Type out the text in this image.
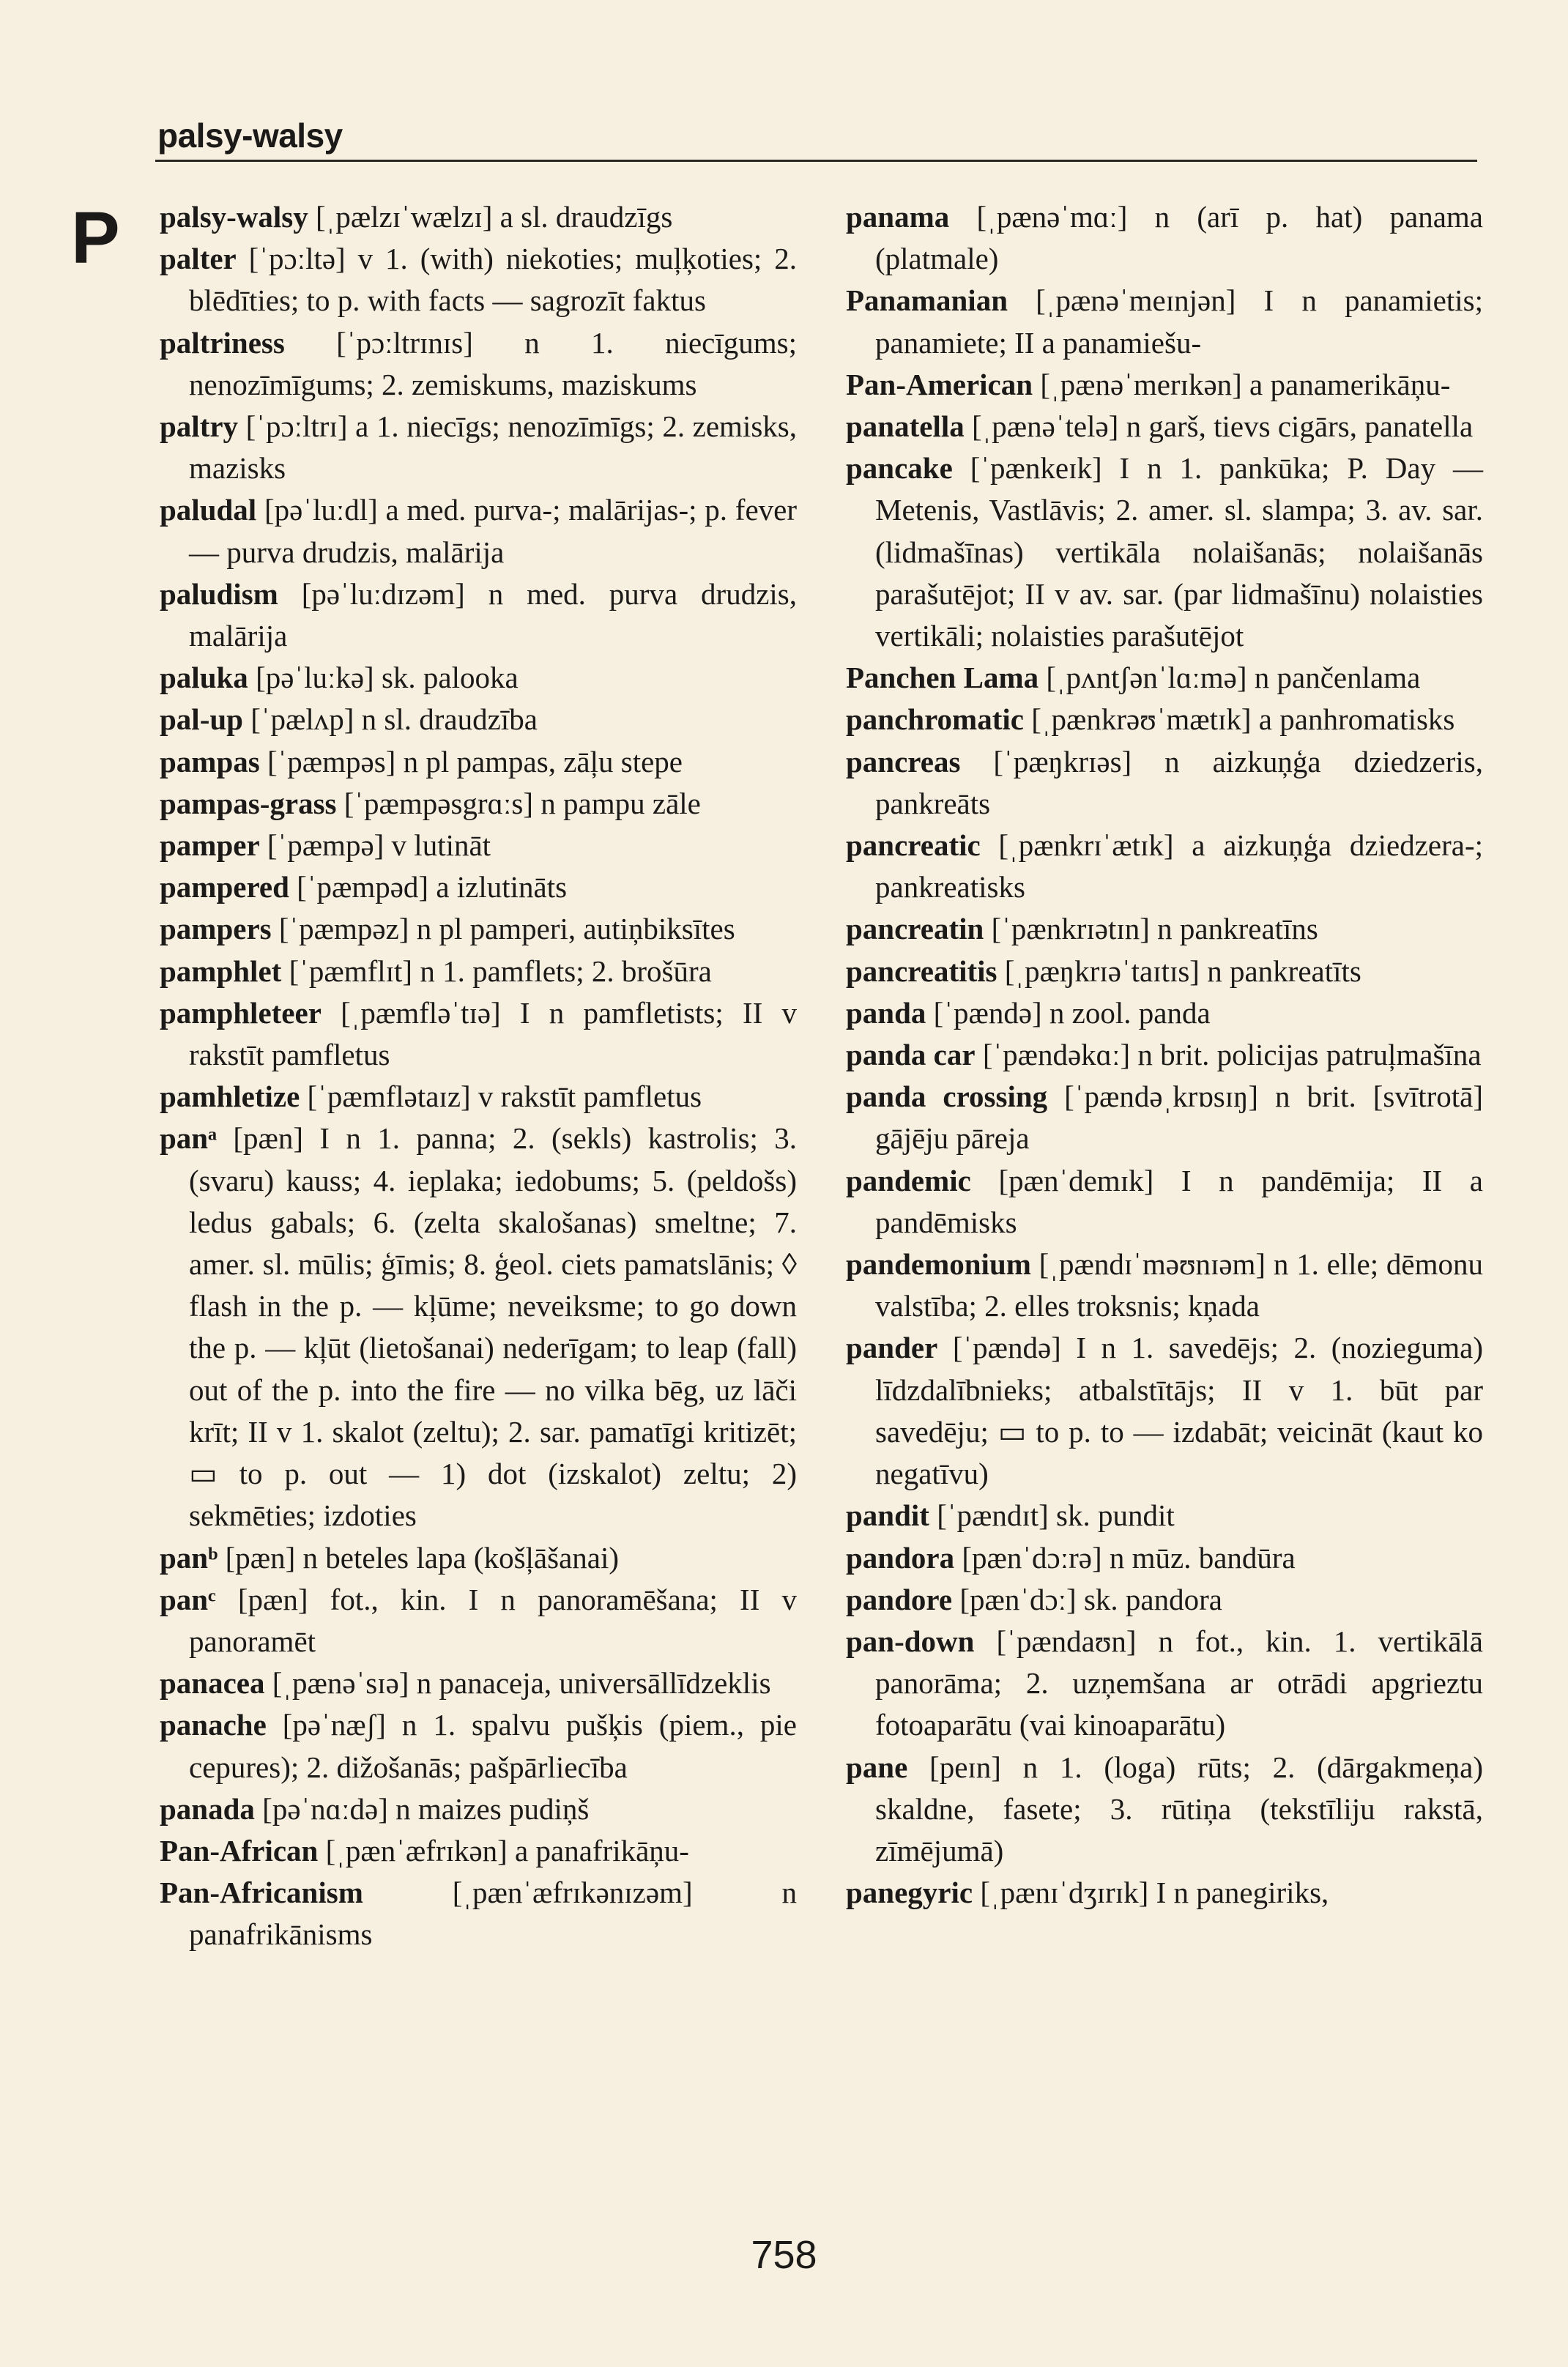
palsy-walsy
P palsy-walsy [ˌpælzɪˈwælzɪ] a sl. draudzīgs

palter [ˈpɔːltə] v 1. (with) niekoties; muļķoties; 2. blēdīties; to p. with facts — sagrozīt faktus

paltriness [ˈpɔːltrɪnɪs] n 1. niecīgums; nenozīmīgums; 2. zemiskums, maziskums

paltry [ˈpɔːltrɪ] a 1. niecīgs; nenozīmīgs; 2. zemisks, mazisks

paludal [pəˈluːdl] a med. purva-; malārijas-; p. fever — purva drudzis, malārija

paludism [pəˈluːdɪzəm] n med. purva drudzis, malārija

paluka [pəˈluːkə] sk. palooka

pal-up [ˈpælʌp] n sl. draudzība

pampas [ˈpæmpəs] n pl pampas, zāļu stepe

pampas-grass [ˈpæmpəsgrɑːs] n pampu zāle

pamper [ˈpæmpə] v lutināt

pampered [ˈpæmpəd] a izlutināts

pampers [ˈpæmpəz] n pl pamperi, autiņbiksītes

pamphlet [ˈpæmflɪt] n 1. pamflets; 2. brošūra

pamphleteer [ˌpæmfləˈtɪə] I n pamfletists; II v rakstīt pamfletus

pamhletize [ˈpæmflətaɪz] v rakstīt pamfletus

panᵃ [pæn] I n 1. panna; 2. (sekls) kastrolis; 3. (svaru) kauss; 4. ieplaka; iedobums; 5. (peldošs) ledus gabals; 6. (zelta skalošanas) smeltne; 7. amer. sl. mūlis; ģīmis; 8. ģeol. ciets pamatslānis; ◊ flash in the p. — kļūme; neveiksme; to go down the p. — kļūt (lietošanai) nederīgam; to leap (fall) out of the p. into the fire — no vilka bēg, uz lāči krīt; II v 1. skalot (zeltu); 2. sar. pamatīgi kritizēt; ▭ to p. out — 1) dot (izskalot) zeltu; 2) sekmēties; izdoties

panᵇ [pæn] n beteles lapa (košļāšanai)

panᶜ [pæn] fot., kin. I n panoramēšana; II v panoramēt

panacea [ˌpænəˈsɪə] n panaceja, universāllīdzeklis

panache [pəˈnæʃ] n 1. spalvu pušķis (piem., pie cepures); 2. dižošanās; pašpārliecība

panada [pəˈnɑːdə] n maizes pudiņš

Pan-African [ˌpænˈæfrɪkən] a panafrikāņu-

Pan-Africanism [ˌpænˈæfrɪkənɪzəm] n panafrikānisms

panama [ˌpænəˈmɑː] n (arī p. hat) panama (platmale)

Panamanian [ˌpænəˈmeɪnjən] I n panamietis; panamiete; II a panamiešu-

Pan-American [ˌpænəˈmerɪkən] a panamerikāņu-

panatella [ˌpænəˈtelə] n garš, tievs cigārs, panatella

pancake [ˈpænkeɪk] I n 1. pankūka; P. Day — Metenis, Vastlāvis; 2. amer. sl. slampa; 3. av. sar. (lidmašīnas) vertikāla nolaišanās; nolaišanās parašutējot; II v av. sar. (par lidmašīnu) nolaisties vertikāli; nolaisties parašutējot

Panchen Lama [ˌpʌntʃənˈlɑːmə] n pančenlama

panchromatic [ˌpænkrəʊˈmætɪk] a panhromatisks

pancreas [ˈpæŋkrɪəs] n aizkuņģa dziedzeris, pankreāts

pancreatic [ˌpænkrɪˈætɪk] a aizkuņģa dziedzera-; pankreatisks

pancreatin [ˈpænkrɪətɪn] n pankreatīns

pancreatitis [ˌpæŋkrɪəˈtaɪtɪs] n pankreatīts

panda [ˈpændə] n zool. panda

panda car [ˈpændəkɑː] n brit. policijas patruļmašīna

panda crossing [ˈpændəˌkrɒsɪŋ] n brit. [svītrotā] gājēju pāreja

pandemic [pænˈdemɪk] I n pandēmija; II a pandēmisks

pandemonium [ˌpændɪˈməʊnɪəm] n 1. elle; dēmonu valstība; 2. elles troksnis; kņada

pander [ˈpændə] I n 1. savedējs; 2. (nozieguma) līdzdalībnieks; atbalstītājs; II v 1. būt par savedēju; ▭ to p. to — izdabāt; veicināt (kaut ko negatīvu)

pandit [ˈpændɪt] sk. pundit

pandora [pænˈdɔːrə] n mūz. bandūra

pandore [pænˈdɔː] sk. pandora

pan-down [ˈpændaʊn] n fot., kin. 1. vertikālā panorāma; 2. uzņemšana ar otrādi apgrieztu fotoaparātu (vai kinoaparātu)

pane [peɪn] n 1. (loga) rūts; 2. (dārgakmeņa) skaldne, fasete; 3. rūtiņa (tekstīliju rakstā, zīmējumā)

panegyric [ˌpænɪˈdʒɪrɪk] I n panegiriks,

758
